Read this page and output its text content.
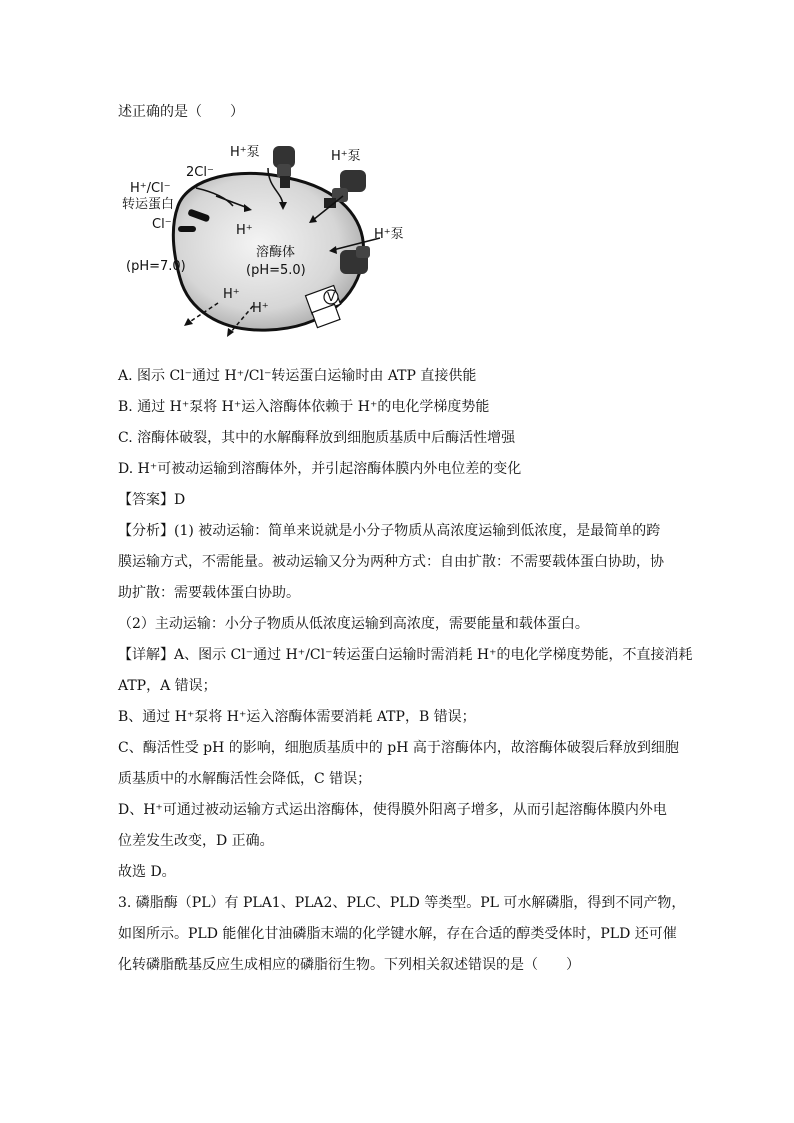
述正确的是（　　）
V
H⁺泵	H⁺泵
H⁺泵
2Cl⁻
H⁺/Cl⁻
转运蛋白
Cl⁻	H⁺
溶酶体
(pH=5.0)
(pH=7.0)
H⁺
H⁺
A. 图示 Cl⁻通过 H⁺/Cl⁻转运蛋白运输时由 ATP 直接供能
B. 通过 H⁺泵将 H⁺运入溶酶体依赖于 H⁺的电化学梯度势能
C. 溶酶体破裂，其中的水解酶释放到细胞质基质中后酶活性增强
D. H⁺可被动运输到溶酶体外，并引起溶酶体膜内外电位差的变化
【答案】D
【分析】(1) 被动运输：简单来说就是小分子物质从高浓度运输到低浓度，是最简单的跨
膜运输方式，不需能量。被动运输又分为两种方式：自由扩散：不需要载体蛋白协助，协
助扩散：需要载体蛋白协助。
（2）主动运输：小分子物质从低浓度运输到高浓度，需要能量和载体蛋白。
【详解】A、图示 Cl⁻通过 H⁺/Cl⁻转运蛋白运输时需消耗 H⁺的电化学梯度势能，不直接消耗
ATP，A 错误；
B、通过 H⁺泵将 H⁺运入溶酶体需要消耗 ATP，B 错误；
C、酶活性受 pH 的影响，细胞质基质中的 pH 高于溶酶体内，故溶酶体破裂后释放到细胞
质基质中的水解酶活性会降低，C 错误；
D、H⁺可通过被动运输方式运出溶酶体，使得膜外阳离子增多，从而引起溶酶体膜内外电
位差发生改变，D 正确。
故选 D。
3. 磷脂酶（PL）有 PLA1、PLA2、PLC、PLD 等类型。PL 可水解磷脂，得到不同产物，
如图所示。PLD 能催化甘油磷脂末端的化学键水解，存在合适的醇类受体时，PLD 还可催
化转磷脂酰基反应生成相应的磷脂衍生物。下列相关叙述错误的是（　　）
